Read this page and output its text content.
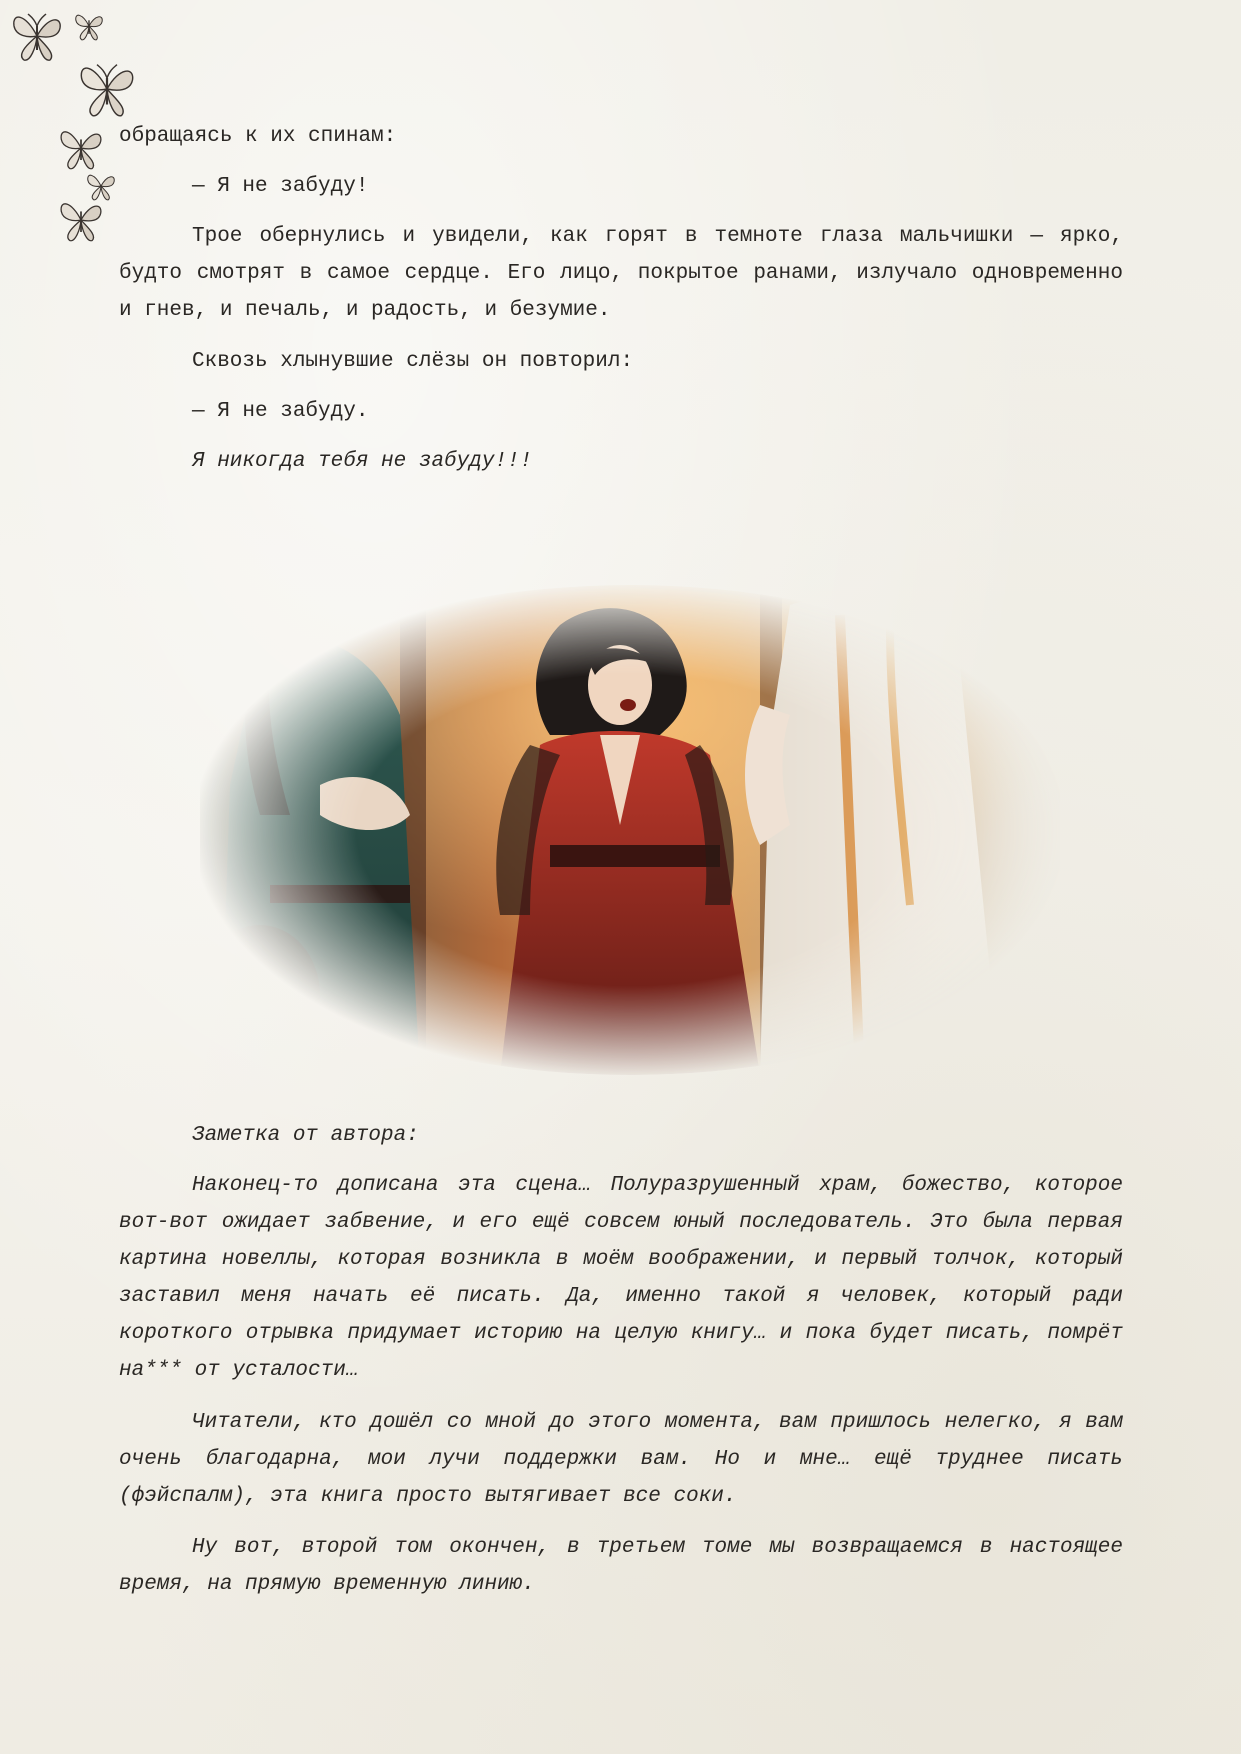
обращаясь к их спинам:

— Я не забуду!

Трое обернулись и увидели, как горят в темноте глаза мальчишки — ярко, будто смотрят в самое сердце. Его лицо, покрытое ранами, излучало одновременно и гнев, и печаль, и радость, и безумие.

Сквозь хлынувшие слёзы он повторил:

— Я не забуду.

Я никогда тебя не забуду!!!

Заметка от автора:

Наконец-то дописана эта сцена… Полуразрушенный храм, божество, которое вот-вот ожидает забвение, и его ещё совсем юный последователь. Это была первая картина новеллы, которая возникла в моём воображении, и первый толчок, который заставил меня начать её писать. Да, именно такой я человек, который ради короткого отрывка придумает историю на целую книгу… и пока будет писать, помрёт на*** от усталости…

Читатели, кто дошёл со мной до этого момента, вам пришлось нелегко, я вам очень благодарна, мои лучи поддержки вам. Но и мне… ещё труднее писать (фэйспалм), эта книга просто вытягивает все соки.

Ну вот, второй том окончен, в третьем томе мы возвращаемся в настоящее время, на прямую временную линию.
